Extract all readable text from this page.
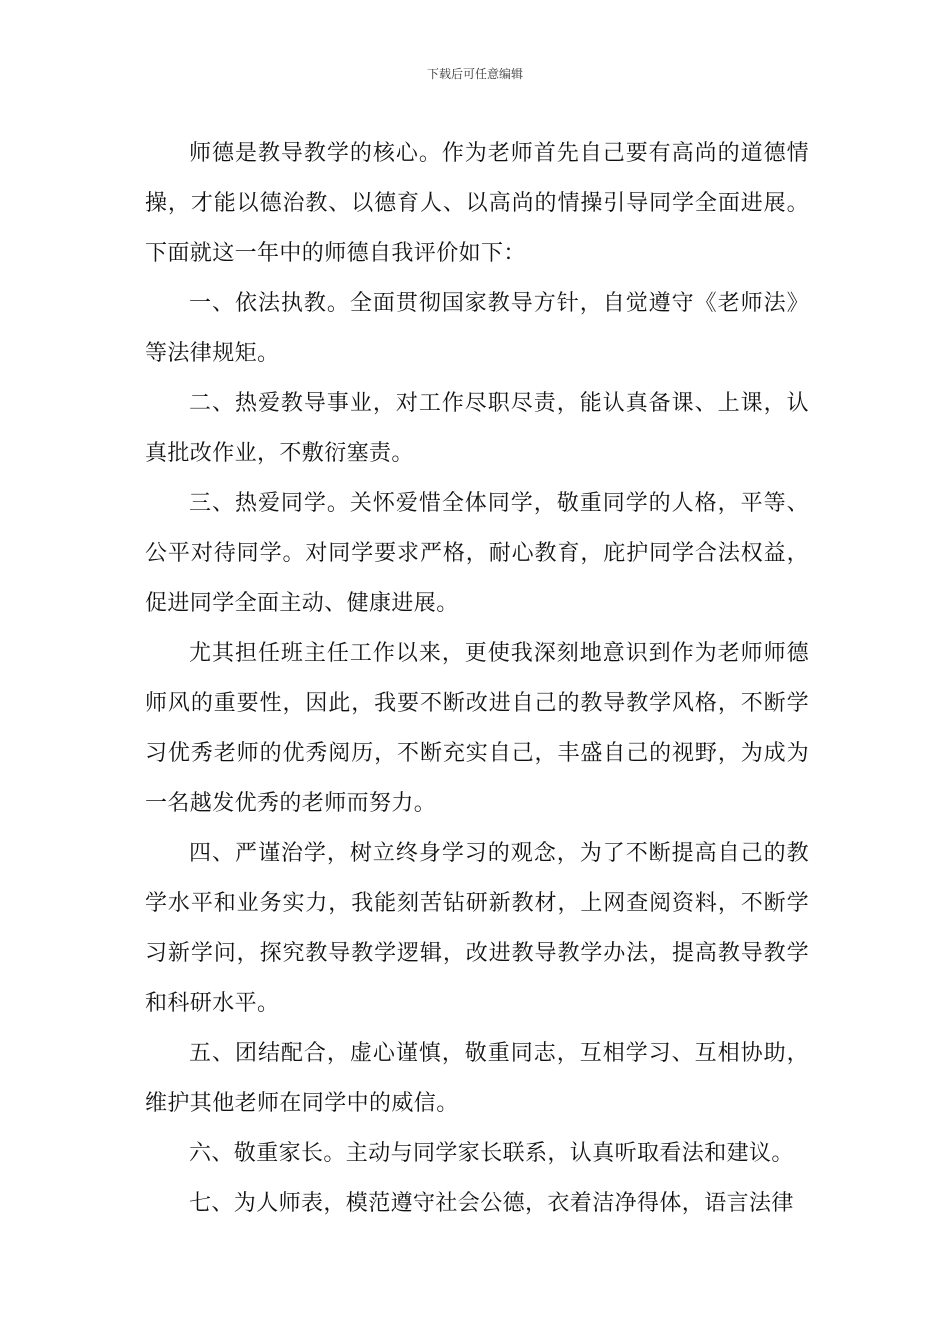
下载后可任意编辑

师德是教导教学的核心。作为老师首先自己要有高尚的道德情操，才能以德治教、以德育人、以高尚的情操引导同学全面进展。下面就这一年中的师德自我评价如下：

一、依法执教。全面贯彻国家教导方针，自觉遵守《老师法》等法律规矩。

二、热爱教导事业，对工作尽职尽责，能认真备课、上课，认真批改作业，不敷衍塞责。

三、热爱同学。关怀爱惜全体同学，敬重同学的人格，平等、公平对待同学。对同学要求严格，耐心教育，庇护同学合法权益，促进同学全面主动、健康进展。

尤其担任班主任工作以来，更使我深刻地意识到作为老师师德师风的重要性，因此，我要不断改进自己的教导教学风格，不断学习优秀老师的优秀阅历，不断充实自己，丰盛自己的视野，为成为一名越发优秀的老师而努力。

四、严谨治学，树立终身学习的观念，为了不断提高自己的教学水平和业务实力，我能刻苦钻研新教材，上网查阅资料，不断学习新学问，探究教导教学逻辑，改进教导教学办法，提高教导教学和科研水平。

五、团结配合，虚心谨慎，敬重同志，互相学习、互相协助，维护其他老师在同学中的威信。

六、敬重家长。主动与同学家长联系，认真听取看法和建议。

七、为人师表，模范遵守社会公德，衣着洁净得体，语言法律
